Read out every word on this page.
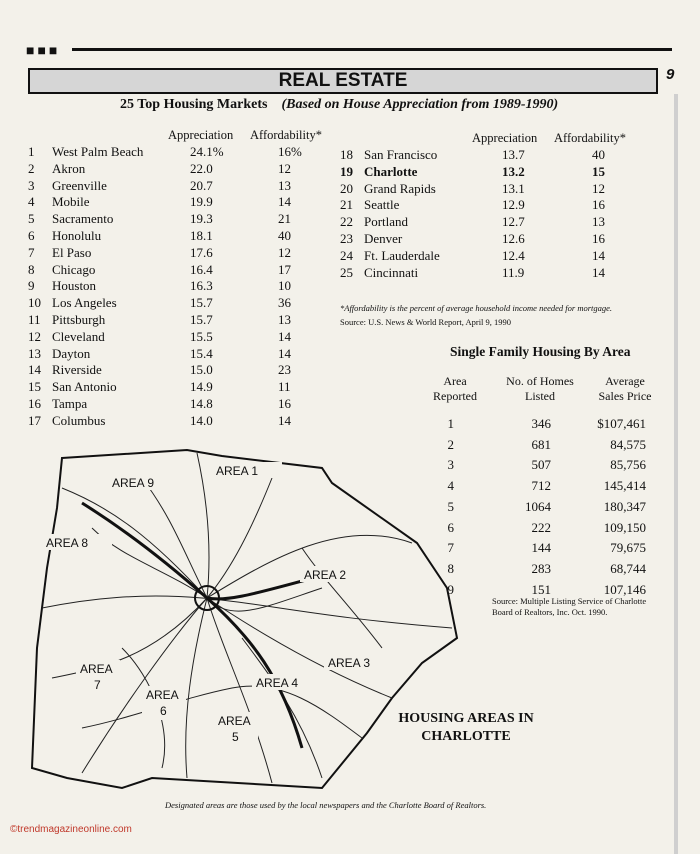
■■■
REAL ESTATE	9
25 Top Housing Markets (Based on House Appreciation from 1989-1990)
Appreciation Affordability*	Appreciation Affordability*
1 West Palm Beach	24.1%	16%
2 Akron	22.0	12
3 Greenville	20.7	13
4 Mobile	19.9	14
5 Sacramento	19.3	21
6 Honolulu	18.1	40
7 El Paso	17.6	12
8 Chicago	16.4	17
9 Houston	16.3	10
10 Los Angeles	15.7	36
11 Pittsburgh	15.7	13
12 Cleveland	15.5	14
13 Dayton	15.4	14
14 Riverside	15.0	23
15 San Antonio	14.9	11
16 Tampa	14.8	16
17 Columbus	14.0	14
18 San Francisco	13.7	40
19 Charlotte	13.2	15
20 Grand Rapids	13.1	12
21 Seattle	12.9	16
22 Portland	12.7	13
23 Denver	12.6	16
24 Ft. Lauderdale	12.4	14
25 Cincinnati	11.9	14
*Affordability is the percent of average household income needed for mortgage.
Source: U.S. News & World Report, April 9, 1990
Single Family Housing By Area
Area Reported
No. of Homes Listed
Average Sales Price
1	346	$107,461
2	681	84,575
3	507	85,756
4	712	145,414
5	1064	180,347
6	222	109,150
7	144	79,675
8	283	68,744
9	151	107,146
Source: Multiple Listing Service of Charlotte Board of Realtors, Inc. Oct. 1990.
AREA 1
AREA 2
AREA 3
AREA 4
AREA
5
AREA
6
AREA
7
AREA 8
AREA 9
HOUSING AREAS IN
CHARLOTTE
Designated areas are those used by the local newspapers and the Charlotte Board of Realtors.
©trendmagazineonline.com
